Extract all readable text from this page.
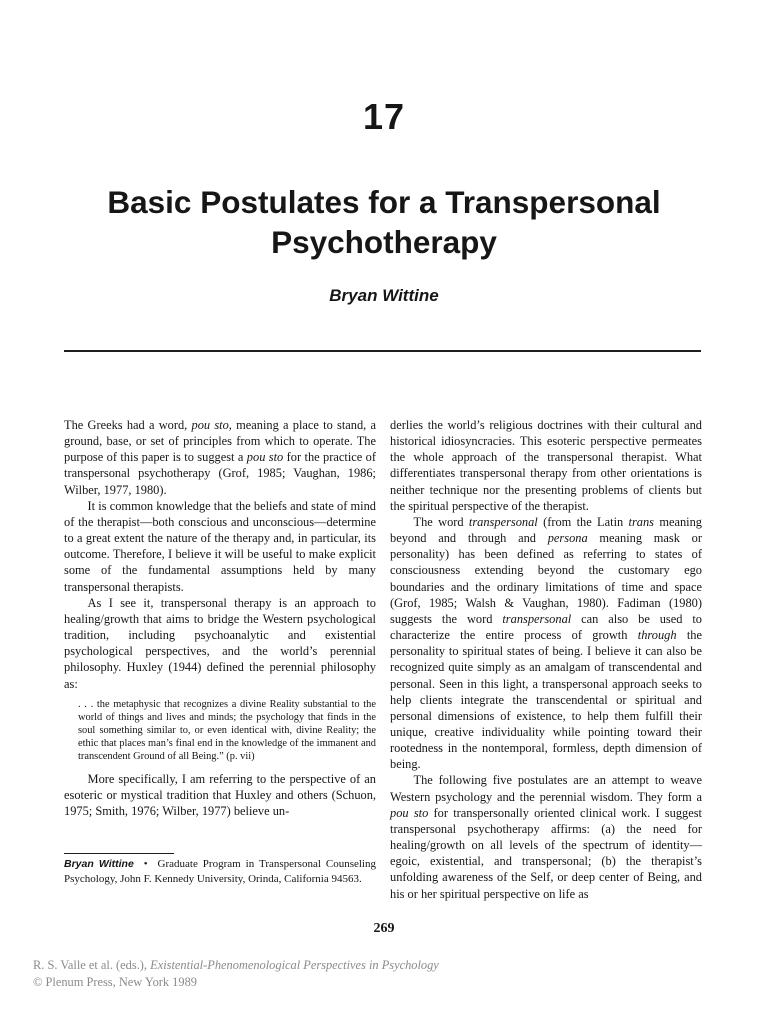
17
Basic Postulates for a Transpersonal
Psychotherapy
Bryan Wittine

The Greeks had a word, pou sto, meaning a place to stand, a ground, base, or set of principles from which to operate. The purpose of this paper is to suggest a pou sto for the practice of transpersonal psychotherapy (Grof, 1985; Vaughan, 1986; Wilber, 1977, 1980).

It is common knowledge that the beliefs and state of mind of the therapist—both conscious and unconscious—determine to a great extent the nature of the therapy and, in particular, its outcome. Therefore, I believe it will be useful to make explicit some of the fundamental assumptions held by many transpersonal therapists.

As I see it, transpersonal therapy is an approach to healing/growth that aims to bridge the Western psychological tradition, including psychoanalytic and existential psychological perspectives, and the world’s perennial philosophy. Huxley (1944) defined the perennial philosophy as:

. . . the metaphysic that recognizes a divine Reality substantial to the world of things and lives and minds; the psychology that finds in the soul something similar to, or even identical with, divine Reality; the ethic that places man’s final end in the knowledge of the immanent and transcendent Ground of all Being.” (p. vii)

More specifically, I am referring to the perspective of an esoteric or mystical tradition that Huxley and others (Schuon, 1975; Smith, 1976; Wilber, 1977) believe un-

derlies the world’s religious doctrines with their cultural and historical idiosyncracies. This esoteric perspective permeates the whole approach of the transpersonal therapist. What differentiates transpersonal therapy from other orientations is neither technique nor the presenting problems of clients but the spiritual perspective of the therapist.

The word transpersonal (from the Latin trans meaning beyond and through and persona meaning mask or personality) has been defined as referring to states of consciousness extending beyond the customary ego boundaries and the ordinary limitations of time and space (Grof, 1985; Walsh & Vaughan, 1980). Fadiman (1980) suggests the word transpersonal can also be used to characterize the entire process of growth through the personality to spiritual states of being. I believe it can also be recognized quite simply as an amalgam of transcendental and personal. Seen in this light, a transpersonal approach seeks to help clients integrate the transcendental or spiritual and personal dimensions of existence, to help them fulfill their unique, creative individuality while pointing toward their rootedness in the nontemporal, formless, depth dimension of being.

The following five postulates are an attempt to weave Western psychology and the perennial wisdom. They form a pou sto for transpersonally oriented clinical work. I suggest transpersonal psychotherapy affirms: (a) the need for healing/growth on all levels of the spectrum of identity—egoic, existential, and transpersonal; (b) the therapist’s unfolding awareness of the Self, or deep center of Being, and his or her spiritual perspective on life as

Bryan Wittine • Graduate Program in Transpersonal Counseling Psychology, John F. Kennedy University, Orinda, California 94563.
269
R. S. Valle et al. (eds.), Existential-Phenomenological Perspectives in Psychology
© Plenum Press, New York 1989
